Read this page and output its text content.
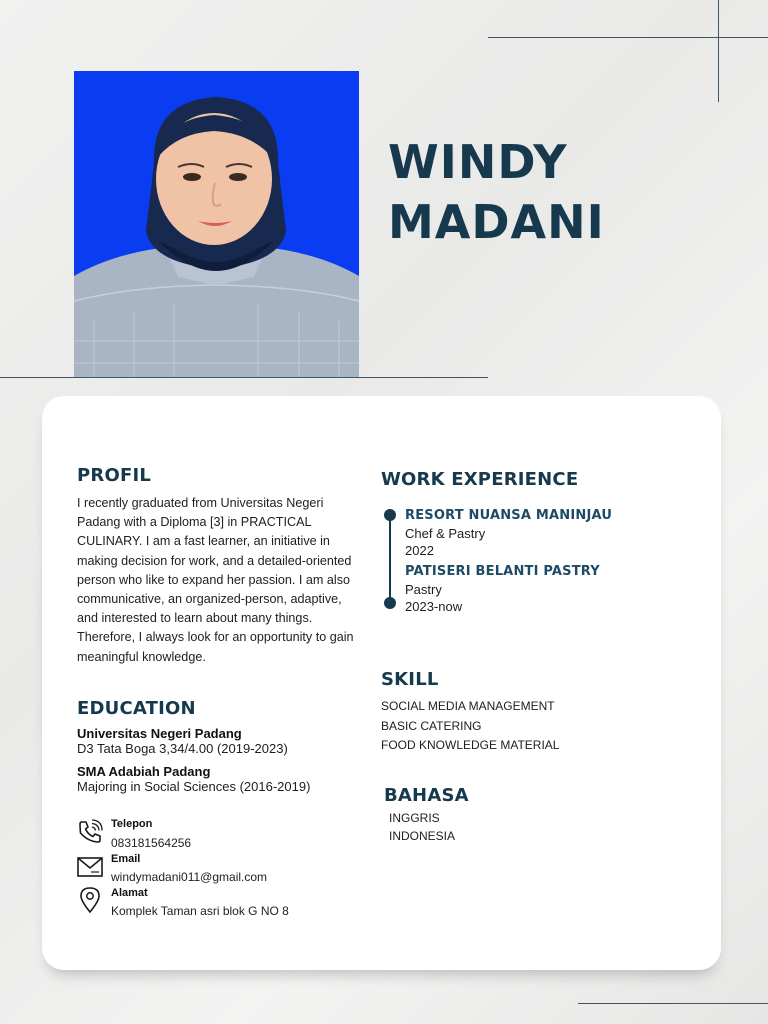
WINDY
MADANI
PROFIL
I recently graduated from Universitas Negeri Padang with a Diploma [3] in PRACTICAL CULINARY. I am a fast learner, an initiative in making decision for work, and a detailed-oriented person who like to expand her passion. I am also communicative, an organized-person, adaptive, and interested to learn about many things. Therefore, I always look for an opportunity to gain meaningful knowledge.
EDUCATION
Universitas Negeri Padang
D3 Tata Boga 3,34/4.00 (2019-2023)
SMA Adabiah Padang
Majoring in Social Sciences (2016-2019)
Telepon
083181564256
Email
windymadani011@gmail.com
Alamat
Komplek Taman asri blok G NO 8
WORK EXPERIENCE
RESORT NUANSA MANINJAU
Chef & Pastry
2022
PATISERI BELANTI PASTRY
Pastry
2023-now
SKILL
SOCIAL MEDIA MANAGEMENT
BASIC CATERING
FOOD KNOWLEDGE MATERIAL
BAHASA
INGGRIS
INDONESIA
